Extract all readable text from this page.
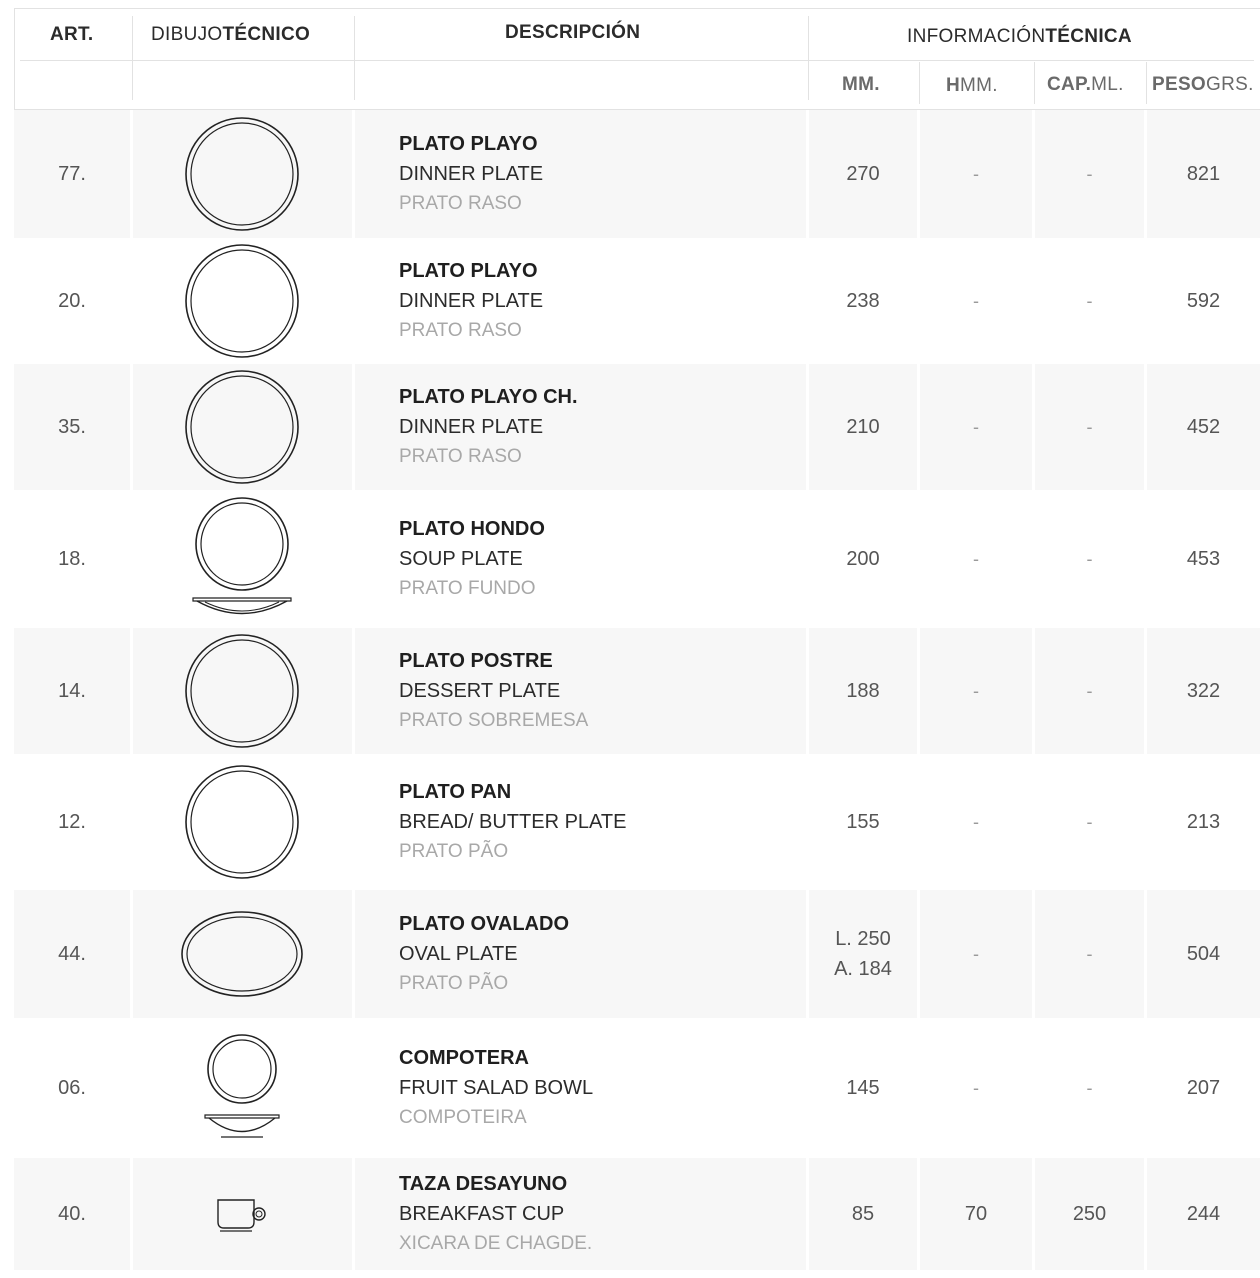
ART.	DIBUJOTÉCNICO	DESCRIPCIÓN	INFORMACIÓNTÉCNICA
MM.	HMM.	CAP.ML. PESOGRS.
77.
PLATO PLAYO
DINNER PLATE
PRATO RASO
270	-	-	821
20.
PLATO PLAYO
DINNER PLATE
PRATO RASO
238	-	-	592
35.
PLATO PLAYO CH.
DINNER PLATE
PRATO RASO
210	-	-	452
18.
PLATO HONDO
SOUP PLATE
PRATO FUNDO
200	-	-	453
14.
PLATO POSTRE
DESSERT PLATE
PRATO SOBREMESA
188	-	-	322
12.
PLATO PAN
BREAD/ BUTTER PLATE
PRATO PÃO
155	-	-	213
44.
PLATO OVALADO
OVAL PLATE
PRATO PÃO
L. 250
A. 184
-	-	504
06.
COMPOTERA
FRUIT SALAD BOWL
COMPOTEIRA
145	-	-	207
40.
TAZA DESAYUNO
BREAKFAST CUP
XICARA DE CHAGDE.
85	70	250	244
